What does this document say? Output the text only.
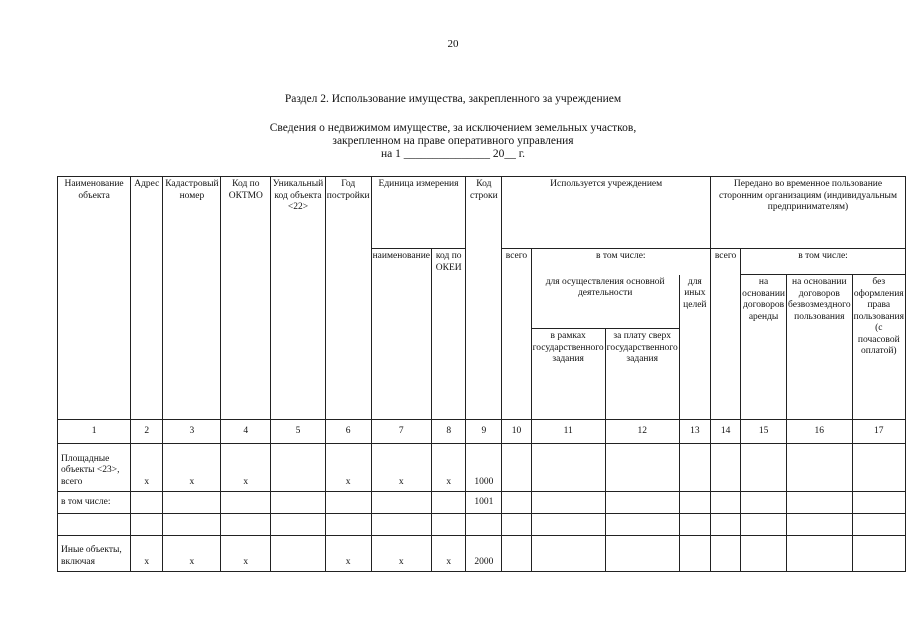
20
Раздел 2. Использование имущества, закрепленного за учреждением
Сведения о недвижимом имуществе, за исключением земельных участков,
закрепленном на праве оперативного управления
на 1 _______________ 20__ г.
Наименование объекта	Адрес	Кадастровый номер	Код по ОКТМО	Уникальный код объекта <22>	Год постройки	Единица измерения		Код строки	Используется учреждением				Передано во временное пользование сторонним организациям (индивидуальным предпринимателям)			
						наименование	код по ОКЕИ		всего	в том числе:			всего	в том числе:		
										для осуществления основной деятельности		для иных целей		на основании договоров аренды	на основании договоров безвозмездного пользования	без оформления права пользования (с почасовой оплатой)
										в рамках государственного задания	за плату сверх государственного задания					

1	2	3	4	5	6	7	8	9	10	11	12	13	14	15	16	17
Площадные объекты <23>, всего	x	x	x		x	x	x	1000								
в том числе:								1001								

Иные объекты, включая	x	x	x		x	x	x	2000								
